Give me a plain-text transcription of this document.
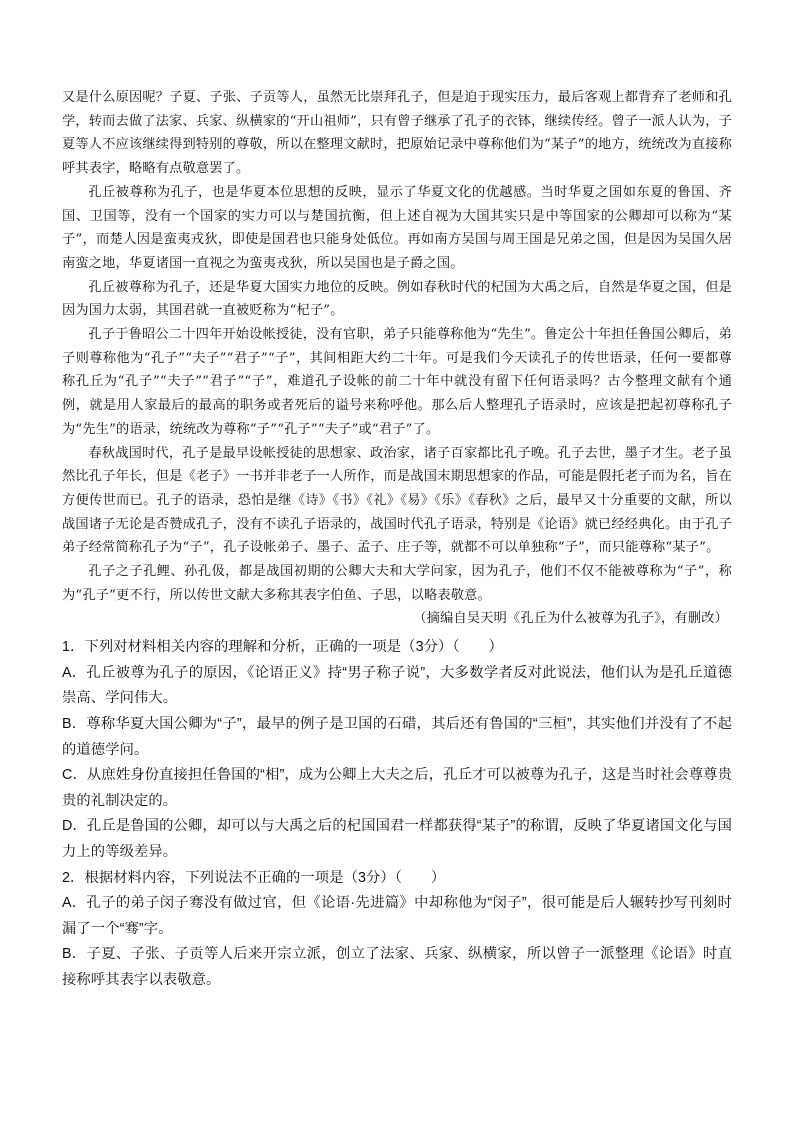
又是什么原因呢？子夏、子张、子贡等人，虽然无比崇拜孔子，但是迫于现实压力，最后客观上都背弃了老师和孔学，转而去做了法家、兵家、纵横家的“开山祖师”，只有曾子继承了孔子的衣钵，继续传经。曾子一派人认为，子夏等人不应该继续得到特别的尊敬，所以在整理文献时，把原始记录中尊称他们为“某子”的地方，统统改为直接称呼其表字，略略有点敬意罢了。

孔丘被尊称为孔子，也是华夏本位思想的反映，显示了华夏文化的优越感。当时华夏之国如东夏的鲁国、齐国、卫国等，没有一个国家的实力可以与楚国抗衡，但上述自视为大国其实只是中等国家的公卿却可以称为“某子”，而楚人因是蛮夷戎狄，即使是国君也只能身处低位。再如南方吴国与周王国是兄弟之国，但是因为吴国久居南蛮之地，华夏诸国一直视之为蛮夷戎狄，所以吴国也是子爵之国。

孔丘被尊称为孔子，还是华夏大国实力地位的反映。例如春秋时代的杞国为大禹之后，自然是华夏之国，但是因为国力太弱，其国君就一直被贬称为“杞子”。

孔子于鲁昭公二十四年开始设帐授徒，没有官职，弟子只能尊称他为“先生”。鲁定公十年担任鲁国公卿后，弟子则尊称他为“孔子”“夫子”“君子”“子”，其间相距大约二十年。可是我们今天读孔子的传世语录，任何一要都尊称孔丘为“孔子”“夫子”“君子”“子”，难道孔子设帐的前二十年中就没有留下任何语录吗？古今整理文献有个通例，就是用人家最后的最高的职务或者死后的谥号来称呼他。那么后人整理孔子语录时，应该是把起初尊称孔子为“先生”的语录，统统改为尊称“子”“孔子”“夫子”或“君子”了。

春秋战国时代，孔子是最早设帐授徒的思想家、政治家，诸子百家都比孔子晚。孔子去世，墨子才生。老子虽然比孔子年长，但是《老子》一书并非老子一人所作，而是战国末期思想家的作品，可能是假托老子而为名，旨在方便传世而已。孔子的语录，恐怕是继《诗》《书》《礼》《易》《乐》《春秋》之后，最早又十分重要的文献，所以战国诸子无论是否赞成孔子，没有不读孔子语录的，战国时代孔子语录，特别是《论语》就已经经典化。由于孔子弟子经常简称孔子为“子”，孔子设帐弟子、墨子、孟子、庄子等，就都不可以单独称“子”，而只能尊称“某子”。

孔子之子孔鲤、孙孔伋，都是战国初期的公卿大夫和大学问家，因为孔子，他们不仅不能被尊称为“子”，称为“孔子”更不行，所以传世文献大多称其表字伯鱼、子思，以略表敬意。

（摘编自吴天明《孔丘为什么被尊为孔子》，有删改）

1．下列对材料相关内容的理解和分析，正确的一项是（3分）（　　）

A．孔丘被尊为孔子的原因，《论语正义》持“男子称子说”，大多数学者反对此说法，他们认为是孔丘道德崇高、学问伟大。

B．尊称华夏大国公卿为“子”，最早的例子是卫国的石碏，其后还有鲁国的“三桓”，其实他们并没有了不起的道德学问。

C．从庶姓身份直接担任鲁国的“相”，成为公卿上大夫之后，孔丘才可以被尊为孔子，这是当时社会尊尊贵贵的礼制决定的。

D．孔丘是鲁国的公卿，却可以与大禹之后的杞国国君一样都获得“某子”的称谓，反映了华夏诸国文化与国力上的等级差异。

2．根据材料内容，下列说法不正确的一项是（3分）（　　）

A．孔子的弟子闵子骞没有做过官，但《论语·先进篇》中却称他为“闵子”，很可能是后人辗转抄写刊刻时漏了一个“骞”字。

B．子夏、子张、子贡等人后来开宗立派，创立了法家、兵家、纵横家，所以曾子一派整理《论语》时直接称呼其表字以表敬意。
